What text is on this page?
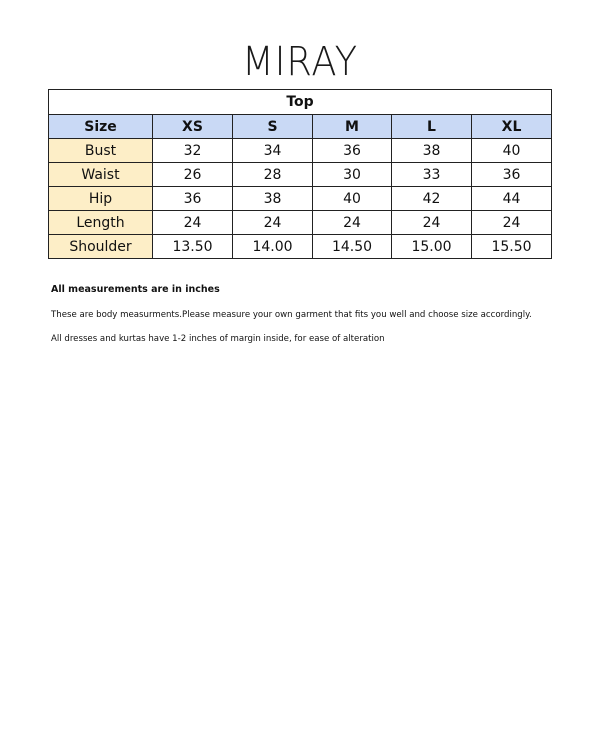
MIRAY
Top					
Size	XS	S	M	L	XL
Bust	32	34	36	38	40
Waist	26	28	30	33	36
Hip	36	38	40	42	44
Length	24	24	24	24	24
Shoulder	13.50	14.00	14.50	15.00	15.50

All measurements are in inches

These are body measurments.Please measure your own garment that fits you well and choose size accordingly.

All dresses and kurtas have 1-2 inches of margin inside, for ease of alteration
